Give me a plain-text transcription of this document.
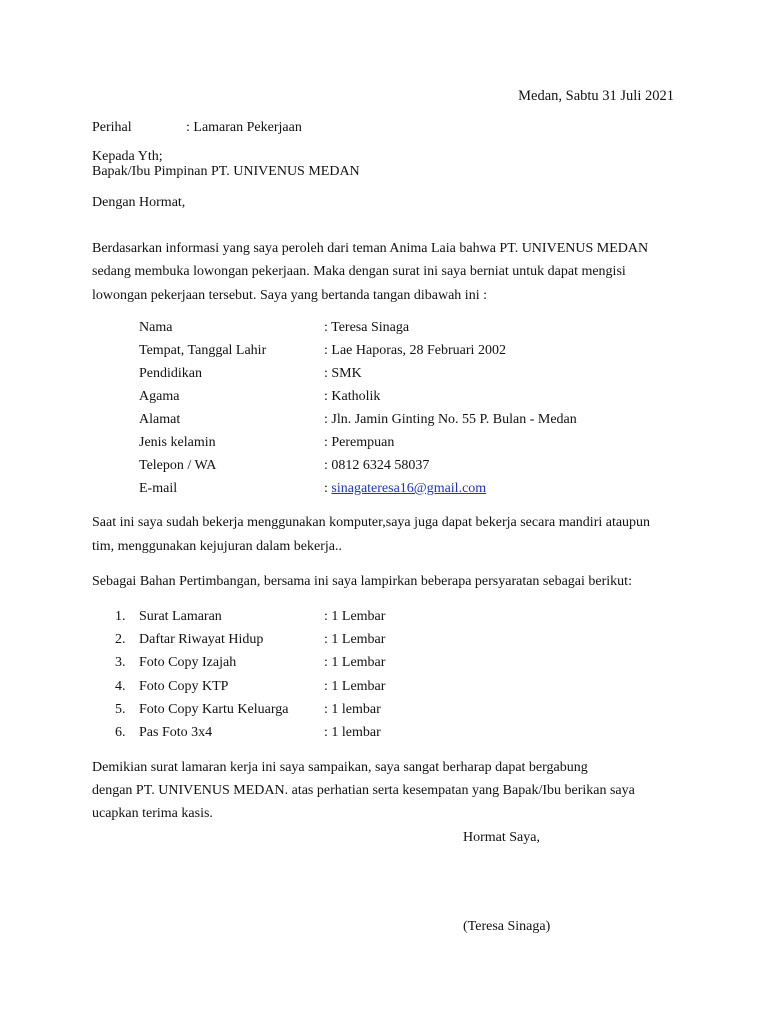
Medan, Sabtu 31 Juli 2021
Perihal	: Lamaran Pekerjaan
Kepada Yth;
Bapak/Ibu Pimpinan PT. UNIVENUS MEDAN
Dengan Hormat,
Berdasarkan informasi yang saya peroleh dari teman Anima Laia bahwa PT. UNIVENUS MEDAN
sedang membuka lowongan pekerjaan. Maka dengan surat ini saya berniat untuk dapat mengisi
lowongan pekerjaan tersebut. Saya yang bertanda tangan dibawah ini :
Nama	: Teresa Sinaga
Tempat, Tanggal Lahir	: Lae Haporas, 28 Februari 2002
Pendidikan	: SMK
Agama	: Katholik
Alamat	: Jln. Jamin Ginting No. 55 P. Bulan - Medan
Jenis kelamin	: Perempuan
Telepon / WA	: 0812 6324 58037
E-mail	: sinagateresa16@gmail.com
Saat ini saya sudah bekerja menggunakan komputer,saya juga dapat bekerja secara mandiri ataupun
tim, menggunakan kejujuran dalam bekerja..
Sebagai Bahan Pertimbangan, bersama ini saya lampirkan beberapa persyaratan sebagai berikut:
1. Surat Lamaran	: 1 Lembar
2. Daftar Riwayat Hidup	: 1 Lembar
3. Foto Copy Izajah	: 1 Lembar
4. Foto Copy KTP	: 1 Lembar
5. Foto Copy Kartu Keluarga	: 1 lembar
6. Pas Foto 3x4	: 1 lembar
Demikian surat lamaran kerja ini saya sampaikan, saya sangat berharap dapat bergabung
dengan PT. UNIVENUS MEDAN. atas perhatian serta kesempatan yang Bapak/Ibu berikan saya
ucapkan terima kasis.
Hormat Saya,
(Teresa Sinaga)
